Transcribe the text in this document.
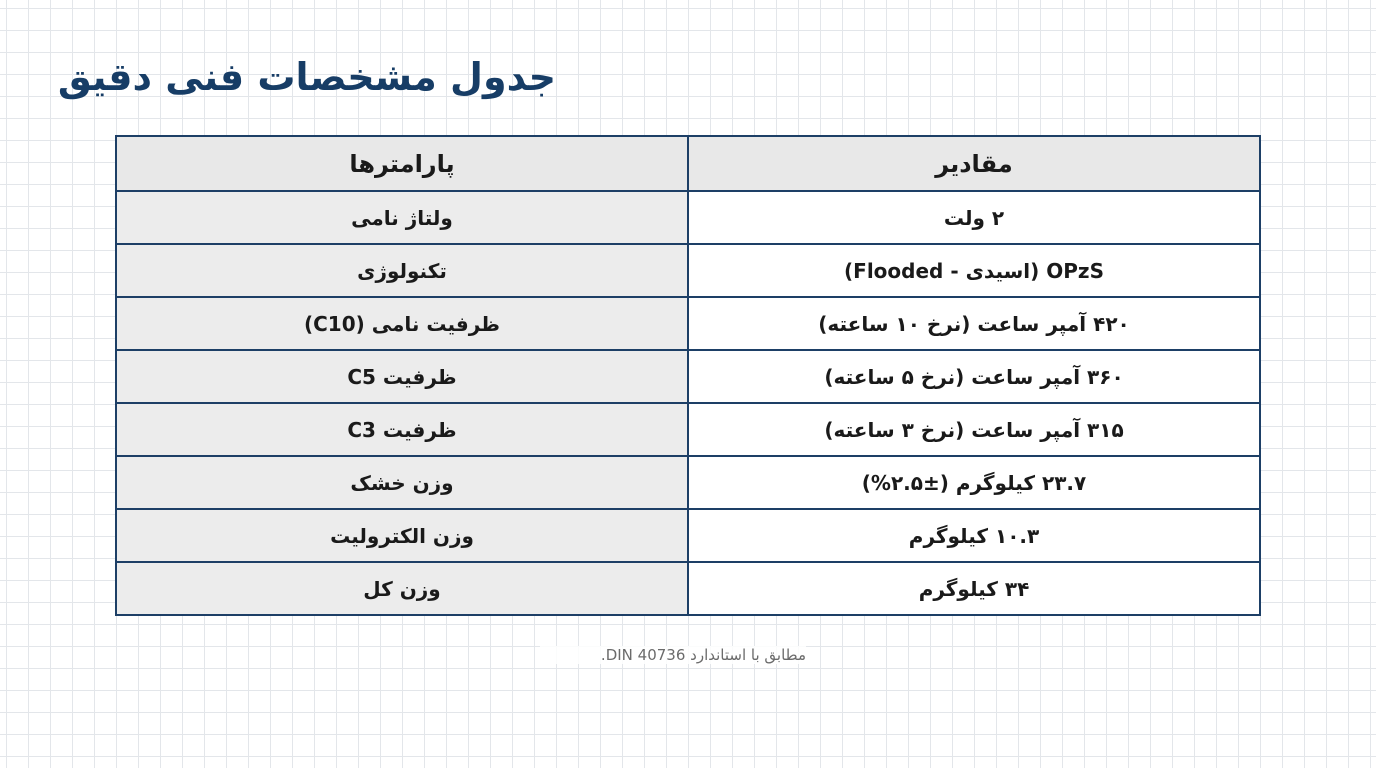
جدول مشخصات فنی دقیق
پارامترها	مقادیر
ولتاژ نامی	۲ ولت
تکنولوژی	OPzS (اسیدی - Flooded)
ظرفیت نامی (C10)	۴۲۰ آمپر ساعت (نرخ ۱۰ ساعته)
ظرفیت C5	۳۶۰ آمپر ساعت (نرخ ۵ ساعته)
ظرفیت C3	۳۱۵ آمپر ساعت (نرخ ۳ ساعته)
وزن خشک	۲۳.۷ کیلوگرم (±۲.۵%)
وزن الکترولیت	۱۰.۳ کیلوگرم
وزن کل	۳۴ کیلوگرم
مطابق با استاندارد DIN 40736.
